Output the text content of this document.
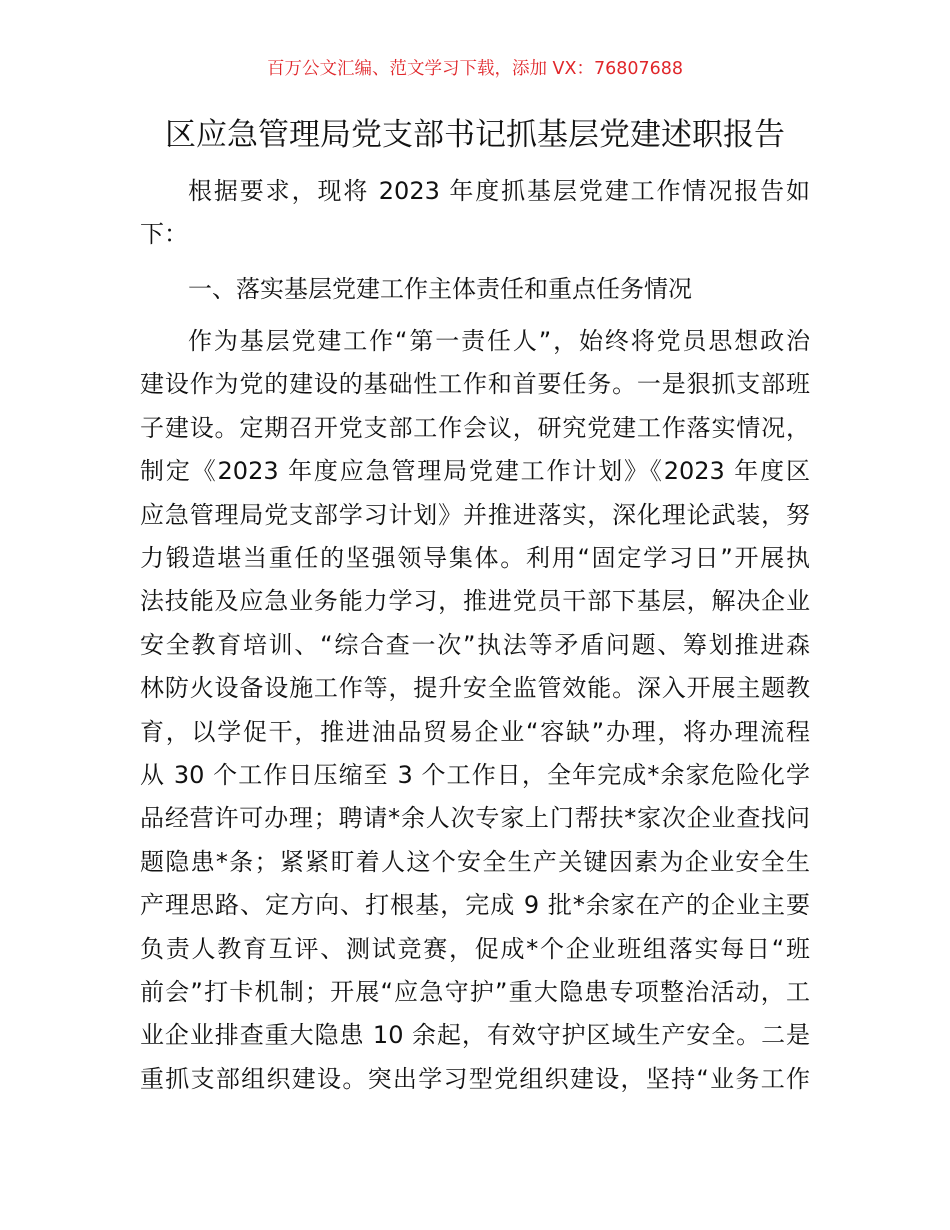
百万公文汇编、范文学习下载，添加 VX：76807688
区应急管理局党支部书记抓基层党建述职报告
根据要求，现将 2023 年度抓基层党建工作情况报告如
下：
一、落实基层党建工作主体责任和重点任务情况
作为基层党建工作“第一责任人”，始终将党员思想政治
建设作为党的建设的基础性工作和首要任务。一是狠抓支部班
子建设。定期召开党支部工作会议，研究党建工作落实情况，
制定《2023 年度应急管理局党建工作计划》《2023 年度区
应急管理局党支部学习计划》并推进落实，深化理论武装，努
力锻造堪当重任的坚强领导集体。利用“固定学习日”开展执
法技能及应急业务能力学习，推进党员干部下基层，解决企业
安全教育培训、“综合查一次”执法等矛盾问题、筹划推进森
林防火设备设施工作等，提升安全监管效能。深入开展主题教
育，以学促干，推进油品贸易企业“容缺”办理，将办理流程
从 30 个工作日压缩至 3 个工作日，全年完成*余家危险化学
品经营许可办理；聘请*余人次专家上门帮扶*家次企业查找问
题隐患*条；紧紧盯着人这个安全生产关键因素为企业安全生
产理思路、定方向、打根基，完成 9 批*余家在产的企业主要
负责人教育互评、测试竞赛，促成*个企业班组落实每日“班
前会”打卡机制；开展“应急守护”重大隐患专项整治活动，工
业企业排查重大隐患 10 余起，有效守护区域生产安全。二是
重抓支部组织建设。突出学习型党组织建设，坚持“业务工作
